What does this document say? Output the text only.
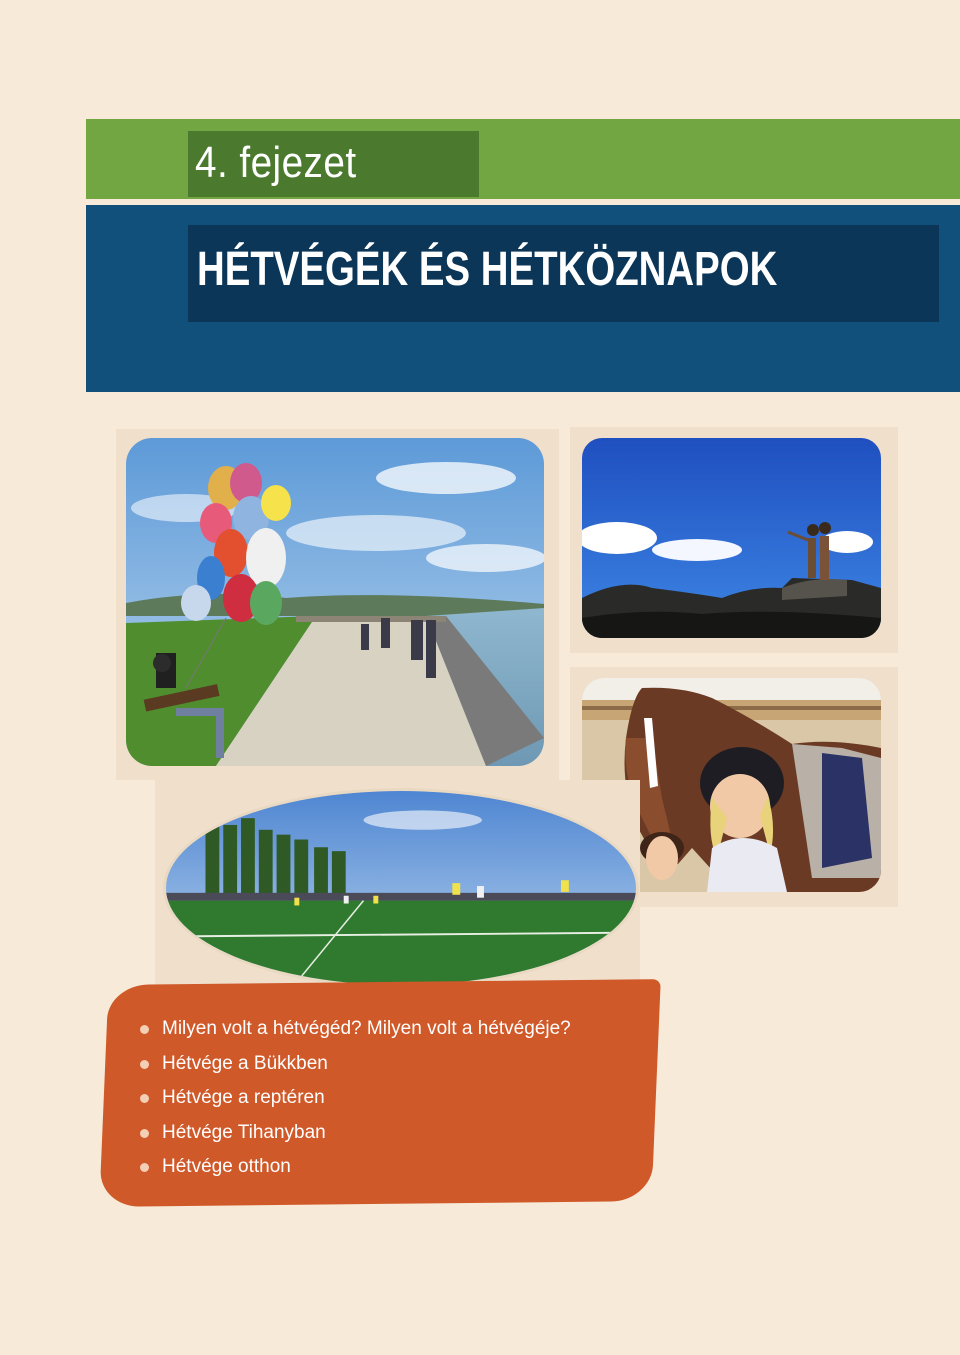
4. fejezet
HÉTVÉGÉK ÉS HÉTKÖZNAPOK
Milyen volt a hétvégéd? Milyen volt a hétvégéje?
Hétvége a Bükkben
Hétvége a reptéren
Hétvége Tihanyban
Hétvége otthon
